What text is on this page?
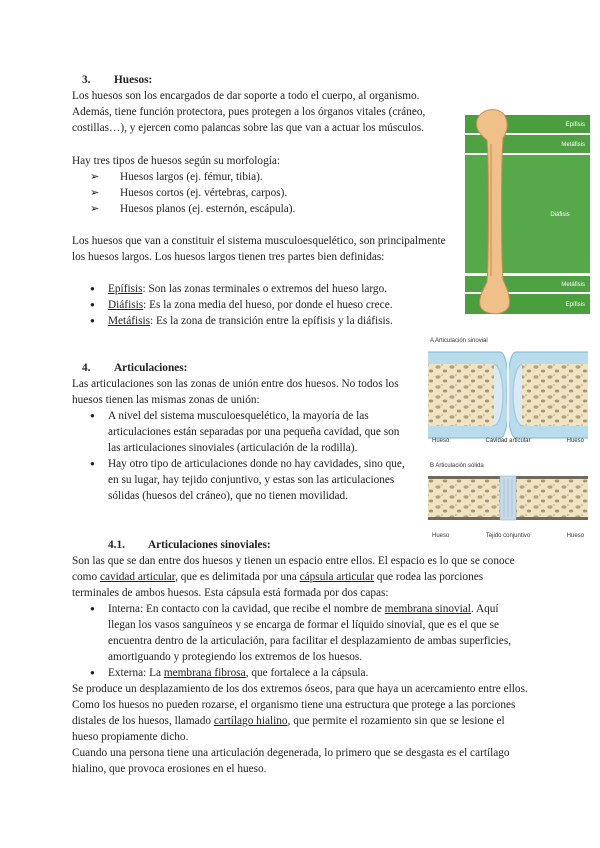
3. Huesos:

Los huesos son los encargados de dar soporte a todo el cuerpo, al organismo. Además, tiene función protectora, pues protegen a los órganos vitales (cráneo, costillas…), y ejercen como palancas sobre las que van a actuar los músculos.

Hay tres tipos de huesos según su morfología:

➢ Huesos largos (ej. fémur, tibia).
➢ Huesos cortos (ej. vértebras, carpos).
➢ Huesos planos (ej. esternón, escápula).

Los huesos que van a constituir el sistema musculoesquelético, son principalmente los huesos largos. Los huesos largos tienen tres partes bien definidas:

● Epífisis: Son las zonas terminales o extremos del hueso largo.
● Diáfisis: Es la zona media del hueso, por donde el hueso crece.
● Metáfisis: Es la zona de transición entre la epífisis y la diáfisis.
Epífisis
Metáfisis
Diáfisis
Metáfisis
Epífisis
4. Articulaciones:

Las articulaciones son las zonas de unión entre dos huesos. No todos los huesos tienen las mismas zonas de unión:

● A nivel del sistema musculoesquelético, la mayoría de las articulaciones están separadas por una pequeña cavidad, que son las articulaciones sinoviales (articulación de la rodilla).
● Hay otro tipo de articulaciones donde no hay cavidades, sino que, en su lugar, hay tejido conjuntivo, y estas son las articulaciones sólidas (huesos del cráneo), que no tienen movilidad.
A Articulación sinovial
Hueso	Cavidad articular	Hueso
B Articulación sólida
Hueso	Tejido conjuntivo	Hueso
4.1. Articulaciones sinoviales:

Son las que se dan entre dos huesos y tienen un espacio entre ellos. El espacio es lo que se conoce como cavidad articular, que es delimitada por una cápsula articular que rodea las porciones terminales de ambos huesos. Esta cápsula está formada por dos capas:

● Interna: En contacto con la cavidad, que recibe el nombre de membrana sinovial. Aquí llegan los vasos sanguíneos y se encarga de formar el líquido sinovial, que es el que se encuentra dentro de la articulación, para facilitar el desplazamiento de ambas superficies, amortiguando y protegiendo los extremos de los huesos.
● Externa: La membrana fibrosa, que fortalece a la cápsula.

Se produce un desplazamiento de los dos extremos óseos, para que haya un acercamiento entre ellos. Como los huesos no pueden rozarse, el organismo tiene una estructura que protege a las porciones distales de los huesos, llamado cartílago hialino, que permite el rozamiento sin que se lesione el hueso propiamente dicho.

Cuando una persona tiene una articulación degenerada, lo primero que se desgasta es el cartílago hialino, que provoca erosiones en el hueso.
